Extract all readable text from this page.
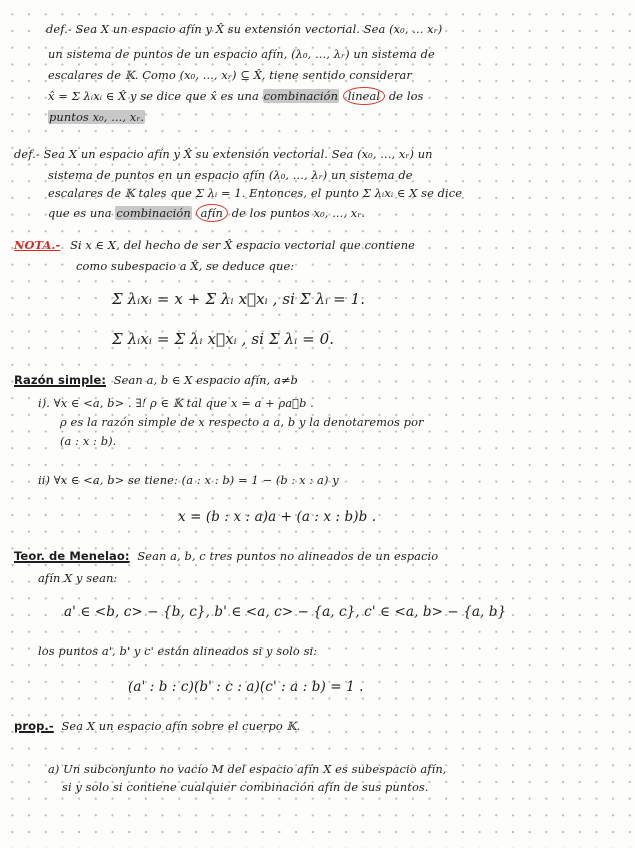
def.- Sea X un espacio afín y X̂ su extensión vectorial. Sea (x₀, ... xᵣ)
un sistema de puntos de un espacio afín, (λ₀, ..., λᵣ) un sistema de
escalares de 𝕂. Como (x₀, ..., xᵣ) ⊆ X̂, tiene sentido considerar
x̂ = Σ λᵢxᵢ ∈ X̂ y se dice que x̂ es una combinación lineal de los
puntos x₀, ..., xᵣ.
def.- Sea X un espacio afín y X̂ su extensión vectorial. Sea (x₀, ..., xᵣ) un
sistema de puntos en un espacio afín (λ₀, ..., λᵣ) un sistema de
escalares de 𝕂 tales que Σ λᵢ = 1. Entonces, el punto Σ λᵢxᵢ ∈ X se dice
que es una combinación afín de los puntos x₀, ..., xᵣ.
NOTA.- Si x ∈ X, del hecho de ser X̂ espacio vectorial que contiene
como subespacio a X̂, se deduce que:
Σ λᵢxᵢ = x + Σ λᵢ x⃗xᵢ , si Σ λᵢ = 1.
Σ λᵢxᵢ = Σ λᵢ x⃗xᵢ , si Σ λᵢ = 0.
Razón simple: Sean a, b ∈ X espacio afín, a≠b
i). ∀x ∈ <a, b> . ∃! ρ ∈ 𝕂 tal que x = a + ρa⃗b .
ρ es la razón simple de x respecto a a, b y la denotaremos por
(a : x : b).
ii) ∀x ∈ <a, b> se tiene: (a : x : b) = 1 − (b : x : a) y
x = (b : x : a)a + (a : x : b)b .
Teor. de Menelao: Sean a, b, c tres puntos no alineados de un espacio
afín X y sean:
a' ∈ <b, c> − {b, c}, b' ∈ <a, c> − {a, c}, c' ∈ <a, b> − {a, b}
los puntos a', b' y c' están alineados si y solo si:
(a' : b : c)(b' : c : a)(c' : a : b) = 1 .
prop.- Sea X un espacio afín sobre el cuerpo 𝕂.
a) Un subconjunto no vacío M del espacio afín X es subespacio afín,
si y solo si contiene cualquier combinación afín de sus puntos.
